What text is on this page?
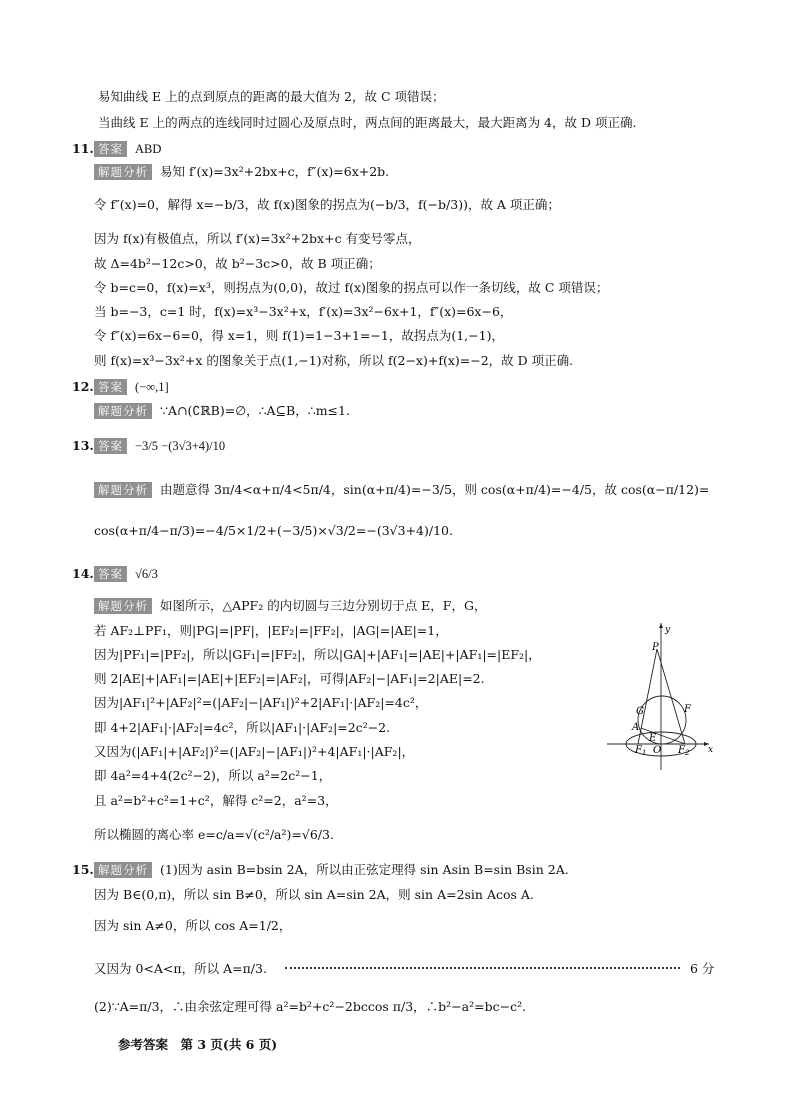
易知曲线 E 上的点到原点的距离的最大值为 2，故 C 项错误；
当曲线 E 上的两点的连线同时过圆心及原点时，两点间的距离最大，最大距离为 4，故 D 项正确.
11. 答案 ABD
解题分析 易知 f′(x)=3x²+2bx+c，f″(x)=6x+2b.
令 f″(x)=0，解得 x=−b/3，故 f(x)图象的拐点为(−b/3，f(−b/3))，故 A 项正确；
因为 f(x)有极值点，所以 f′(x)=3x²+2bx+c 有变号零点，
故 Δ=4b²−12c>0，故 b²−3c>0，故 B 项正确；
令 b=c=0，f(x)=x³，则拐点为(0,0)，故过 f(x)图象的拐点可以作一条切线，故 C 项错误；
当 b=−3，c=1 时，f(x)=x³−3x²+x，f′(x)=3x²−6x+1，f″(x)=6x−6，
令 f″(x)=6x−6=0，得 x=1，则 f(1)=1−3+1=−1，故拐点为(1,−1)，
则 f(x)=x³−3x²+x 的图象关于点(1,−1)对称，所以 f(2−x)+f(x)=−2，故 D 项正确.
12. 答案 (−∞,1]
解题分析 ∵A∩(∁ℝB)=∅，∴A⊆B，∴m≤1.
13. 答案 −3/5 −(3√3+4)/10
解题分析 由题意得 3π/4<α+π/4<5π/4，sin(α+π/4)=−3/5，则 cos(α+π/4)=−4/5，故 cos(α−π/12)=
cos(α+π/4−π/3)=−4/5×1/2+(−3/5)×√3/2=−(3√3+4)/10.
14. 答案 √6/3
解题分析 如图所示，△APF₂ 的内切圆与三边分别切于点 E，F，G，
若 AF₂⊥PF₁，则|PG|=|PF|，|EF₂|=|FF₂|，|AG|=|AE|=1，
因为|PF₁|=|PF₂|，所以|GF₁|=|FF₂|，所以|GA|+|AF₁|=|AE|+|AF₁|=|EF₂|，
则 2|AE|+|AF₁|=|AE|+|EF₂|=|AF₂|，可得|AF₂|−|AF₁|=2|AE|=2.
因为|AF₁|²+|AF₂|²=(|AF₂|−|AF₁|)²+2|AF₁|·|AF₂|=4c²，
即 4+2|AF₁|·|AF₂|=4c²，所以|AF₁|·|AF₂|=2c²−2.
又因为(|AF₁|+|AF₂|)²=(|AF₂|−|AF₁|)²+4|AF₁|·|AF₂|，
即 4a²=4+4(2c²−2)，所以 a²=2c²−1，
且 a²=b²+c²=1+c²，解得 c²=2，a²=3，
所以椭圆的离心率 e=c/a=√(c²/a²)=√6/3.
15. 解题分析 (1)因为 asin B=bsin 2A，所以由正弦定理得 sin Asin B=sin Bsin 2A.
因为 B∈(0,π)，所以 sin B≠0，所以 sin A=sin 2A，则 sin A=2sin Acos A.
因为 sin A≠0，所以 cos A=1/2，
又因为 0<A<π，所以 A=π/3.	6 分
(2)∵A=π/3，∴由余弦定理可得 a²=b²+c²−2bccos π/3，∴b²−a²=bc−c².
参考答案　第 3 页(共 6 页)
P
y
x
G	F
A
E
$F_1$ O $F_2$
